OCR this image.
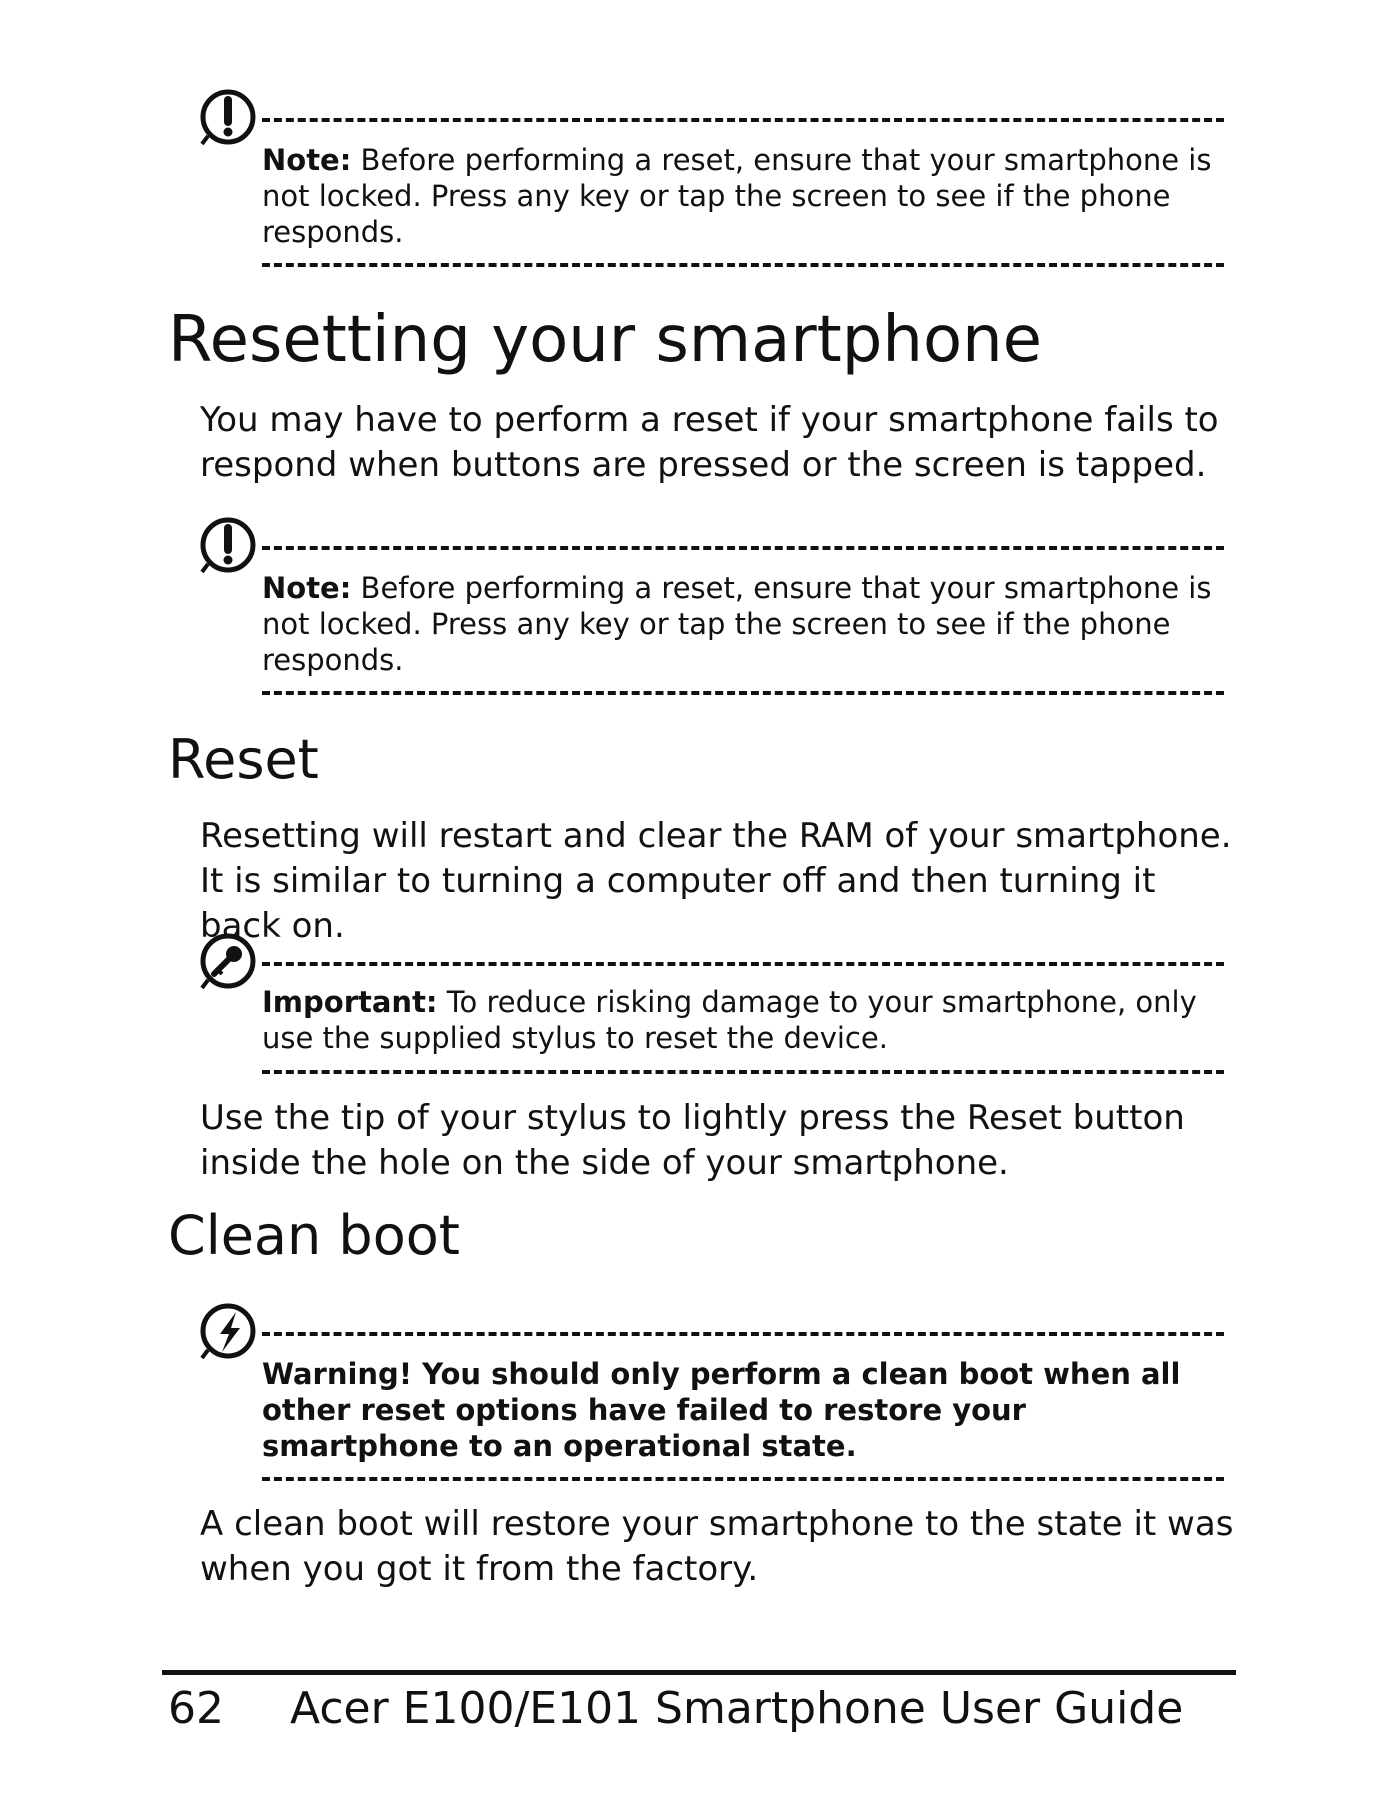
Note: Before performing a reset, ensure that your smartphone is not locked. Press any key or tap the screen to see if the phone responds.
Resetting your smartphone

You may have to perform a reset if your smartphone fails to respond when buttons are pressed or the screen is tapped.

Note: Before performing a reset, ensure that your smartphone is not locked. Press any key or tap the screen to see if the phone responds.
Reset

Resetting will restart and clear the RAM of your smartphone. It is similar to turning a computer off and then turning it back on.

Important: To reduce risking damage to your smartphone, only use the supplied stylus to reset the device.

Use the tip of your stylus to lightly press the Reset button inside the hole on the side of your smartphone.

Clean boot
Warning! You should only perform a clean boot when all other reset options have failed to restore your smartphone to an operational state.

A clean boot will restore your smartphone to the state it was when you got it from the factory.

62 Acer E100/E101 Smartphone User Guide
